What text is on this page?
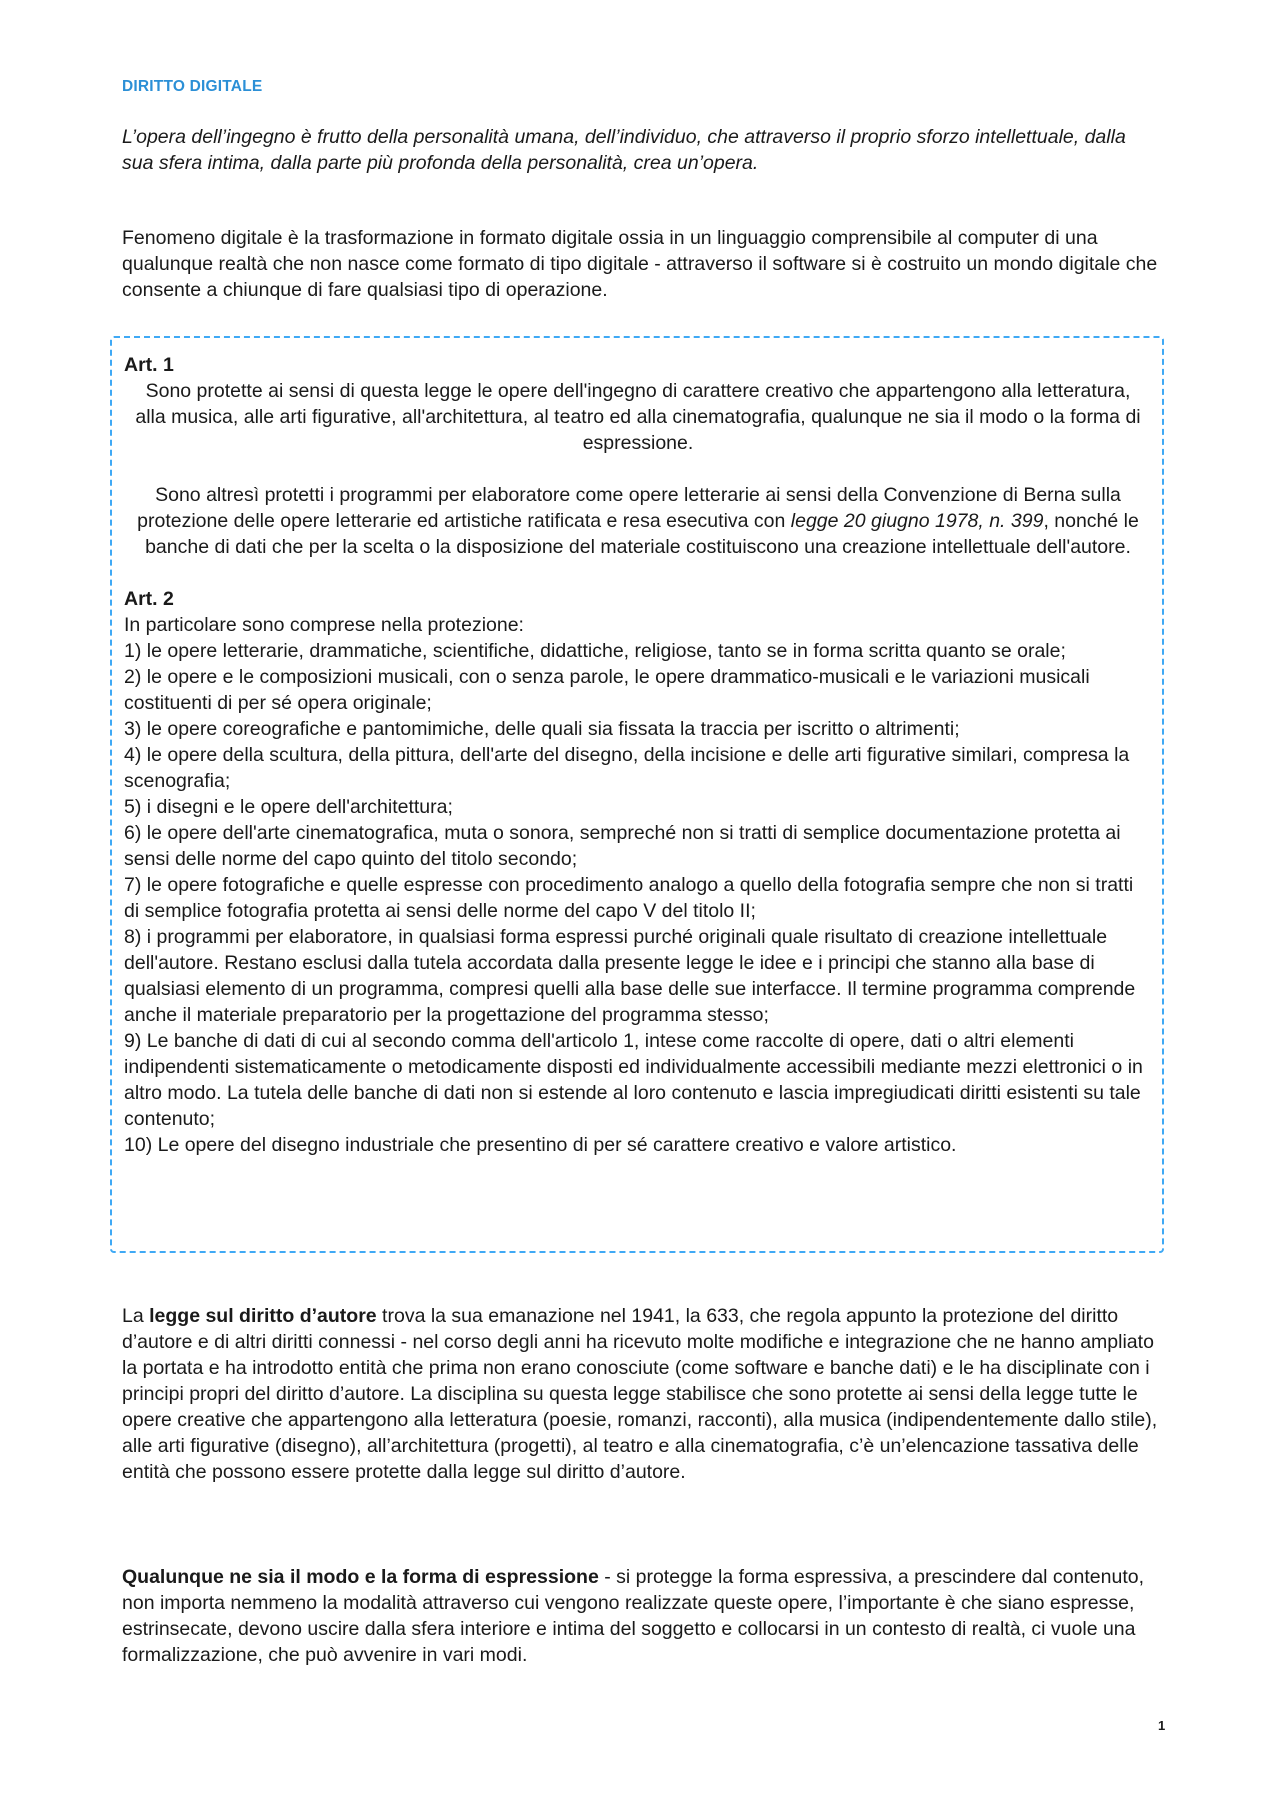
DIRITTO DIGITALE

L’opera dell’ingegno è frutto della personalità umana, dell’individuo, che attraverso il proprio sforzo intellettuale, dalla sua sfera intima, dalla parte più profonda della personalità, crea un’opera.

Fenomeno digitale è la trasformazione in formato digitale ossia in un linguaggio comprensibile al computer di una qualunque realtà che non nasce come formato di tipo digitale - attraverso il software si è costruito un mondo digitale che consente a chiunque di fare qualsiasi tipo di operazione.

Art. 1

Sono protette ai sensi di questa legge le opere dell'ingegno di carattere creativo che appartengono alla letteratura, alla musica, alle arti figurative, all'architettura, al teatro ed alla cinematografia, qualunque ne sia il modo o la forma di espressione.

Sono altresì protetti i programmi per elaboratore come opere letterarie ai sensi della Convenzione di Berna sulla protezione delle opere letterarie ed artistiche ratificata e resa esecutiva con legge 20 giugno 1978, n. 399, nonché le banche di dati che per la scelta o la disposizione del materiale costituiscono una creazione intellettuale dell'autore.

Art. 2

In particolare sono comprese nella protezione:
1) le opere letterarie, drammatiche, scientifiche, didattiche, religiose, tanto se in forma scritta quanto se orale;
2) le opere e le composizioni musicali, con o senza parole, le opere drammatico-musicali e le variazioni musicali costituenti di per sé opera originale;
3) le opere coreografiche e pantomimiche, delle quali sia fissata la traccia per iscritto o altrimenti;
4) le opere della scultura, della pittura, dell'arte del disegno, della incisione e delle arti figurative similari, compresa la scenografia;
5) i disegni e le opere dell'architettura;
6) le opere dell'arte cinematografica, muta o sonora, sempreché non si tratti di semplice documentazione protetta ai sensi delle norme del capo quinto del titolo secondo;
7) le opere fotografiche e quelle espresse con procedimento analogo a quello della fotografia sempre che non si tratti di semplice fotografia protetta ai sensi delle norme del capo V del titolo II;
8) i programmi per elaboratore, in qualsiasi forma espressi purché originali quale risultato di creazione intellettuale dell'autore. Restano esclusi dalla tutela accordata dalla presente legge le idee e i principi che stanno alla base di qualsiasi elemento di un programma, compresi quelli alla base delle sue interfacce. Il termine programma comprende anche il materiale preparatorio per la progettazione del programma stesso;
9) Le banche di dati di cui al secondo comma dell'articolo 1, intese come raccolte di opere, dati o altri elementi indipendenti sistematicamente o metodicamente disposti ed individualmente accessibili mediante mezzi elettronici o in altro modo. La tutela delle banche di dati non si estende al loro contenuto e lascia impregiudicati diritti esistenti su tale contenuto;
10) Le opere del disegno industriale che presentino di per sé carattere creativo e valore artistico.

La legge sul diritto d’autore trova la sua emanazione nel 1941, la 633, che regola appunto la protezione del diritto d’autore e di altri diritti connessi - nel corso degli anni ha ricevuto molte modifiche e integrazione che ne hanno ampliato la portata e ha introdotto entità che prima non erano conosciute (come software e banche dati) e le ha disciplinate con i principi propri del diritto d’autore. La disciplina su questa legge stabilisce che sono protette ai sensi della legge tutte le opere creative che appartengono alla letteratura (poesie, romanzi, racconti), alla musica (indipendentemente dallo stile), alle arti figurative (disegno), all’architettura (progetti), al teatro e alla cinematografia, c’è un’elencazione tassativa delle entità che possono essere protette dalla legge sul diritto d’autore.

Qualunque ne sia il modo e la forma di espressione - si protegge la forma espressiva, a prescindere dal contenuto, non importa nemmeno la modalità attraverso cui vengono realizzate queste opere, l’importante è che siano espresse, estrinsecate, devono uscire dalla sfera interiore e intima del soggetto e collocarsi in un contesto di realtà, ci vuole una formalizzazione, che può avvenire in vari modi.

1
